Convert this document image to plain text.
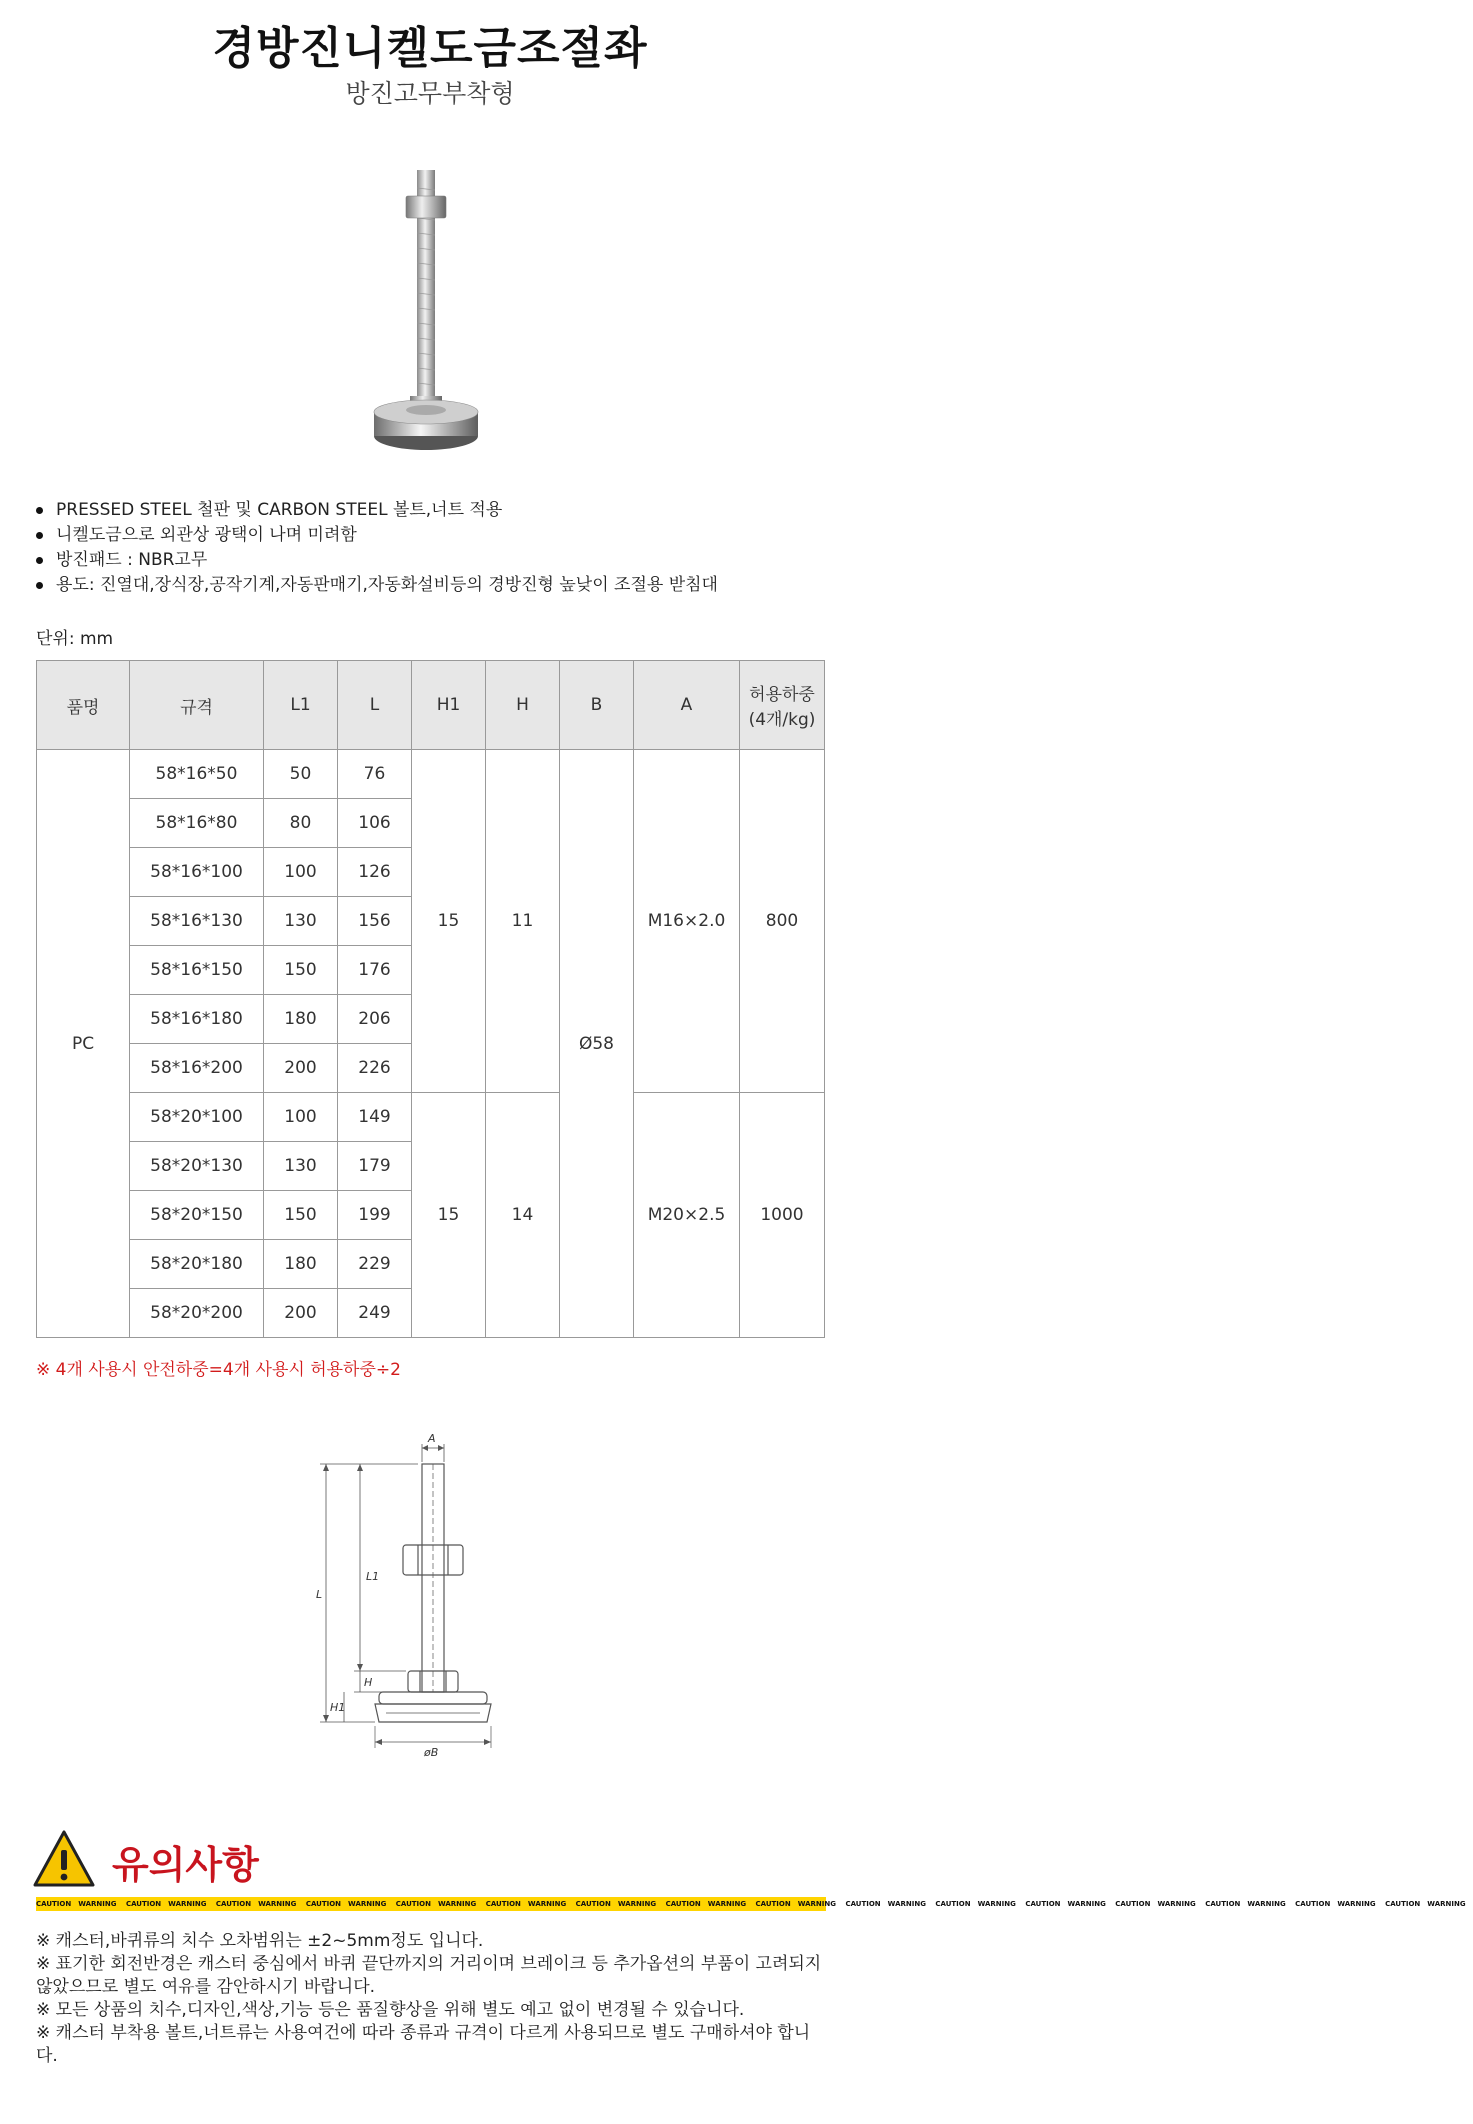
경방진니켈도금조절좌
방진고무부착형
PRESSED STEEL 철판 및 CARBON STEEL 볼트,너트 적용
니켈도금으로 외관상 광택이 나며 미려함
방진패드 : NBR고무
용도: 진열대,장식장,공작기계,자동판매기,자동화설비등의 경방진형 높낮이 조절용 받침대
단위: mm
품명	규격	L1	L	H1	H	B	A	허용하중
(4개/kg)
PC	58*16*50	50	76	15	11	Ø58	M16×2.0	800
	58*16*80	80	106					
	58*16*100	100	126					
	58*16*130	130	156					
	58*16*150	150	176					
	58*16*180	180	206					
	58*16*200	200	226					
	58*20*100	100	149	15	14		M20×2.5	1000
	58*20*130	130	179					
	58*20*150	150	199					
	58*20*180	180	229					
	58*20*200	200	249					
※ 4개 사용시 안전하중=4개 사용시 허용하중÷2
A
L
L1
H
H1
øB
유의사항
CAUTION WARNING CAUTION WARNING CAUTION WARNING CAUTION WARNING CAUTION WARNING CAUTION WARNING CAUTION WARNING CAUTION WARNING CAUTION WARNING CAUTION WARNING CAUTION WARNING CAUTION WARNING CAUTION WARNING CAUTION WARNING CAUTION WARNING CAUTION WARNING
※ 캐스터,바퀴류의 치수 오차범위는 ±2~5mm정도 입니다.
※ 표기한 회전반경은 캐스터 중심에서 바퀴 끝단까지의 거리이며 브레이크 등 추가옵션의 부품이 고려되지 않았으므로 별도 여유를 감안하시기 바랍니다.
※ 모든 상품의 치수,디자인,색상,기능 등은 품질향상을 위해 별도 예고 없이 변경될 수 있습니다.
※ 캐스터 부착용 볼트,너트류는 사용여건에 따라 종류과 규격이 다르게 사용되므로 별도 구매하셔야 합니다.
